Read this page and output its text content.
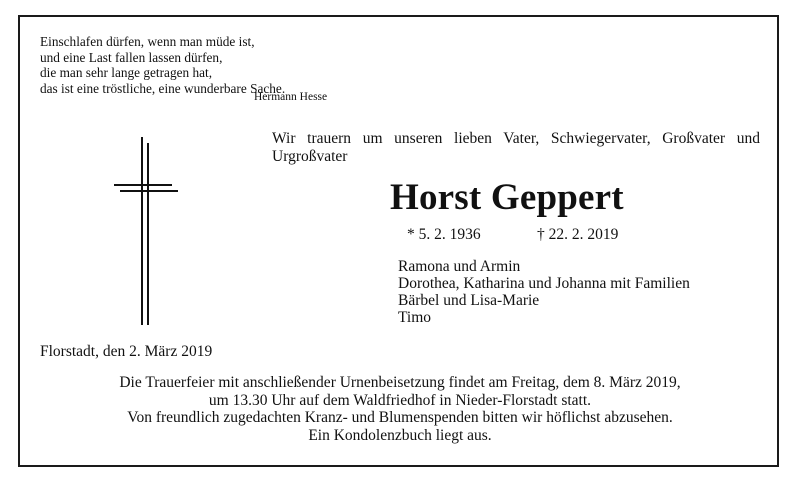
Einschlafen dürfen, wenn man müde ist,
und eine Last fallen lassen dürfen,
die man sehr lange getragen hat,
das ist eine tröstliche, eine wunderbare Sache.
Hermann Hesse
Wir trauern um unseren lieben Vater, Schwiegervater, Großvater und Urgroßvater
Horst Geppert
* 5. 2. 1936	† 22. 2. 2019
Ramona und Armin
Dorothea, Katharina und Johanna mit Familien
Bärbel und Lisa-Marie
Timo
Florstadt, den 2. März 2019
Die Trauerfeier mit anschließender Urnenbeisetzung findet am Freitag, dem 8. März 2019,
um 13.30 Uhr auf dem Waldfriedhof in Nieder-Florstadt statt.
Von freundlich zugedachten Kranz- und Blumenspenden bitten wir höflichst abzusehen.
Ein Kondolenzbuch liegt aus.
